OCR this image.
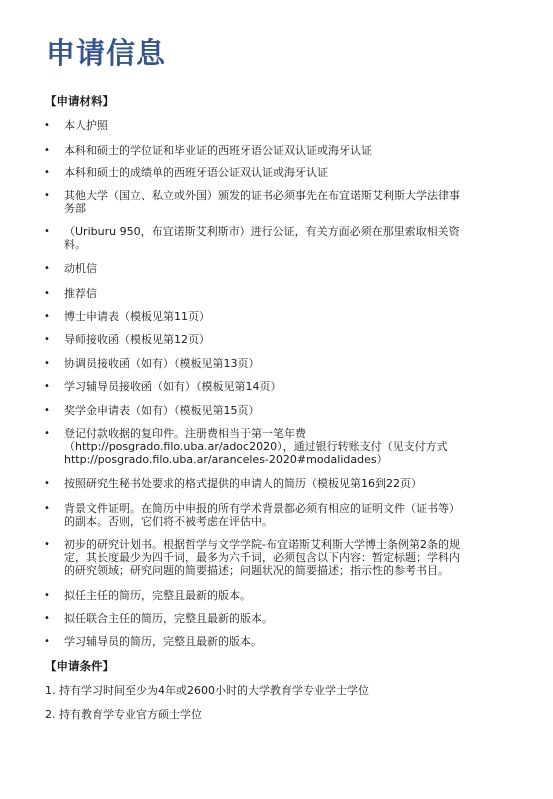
申请信息
【申请材料】
•	本人护照
•	本科和硕士的学位证和毕业证的西班牙语公证双认证或海牙认证
•	本科和硕士的成绩单的西班牙语公证双认证或海牙认证
•	其他大学（国立、私立或外国）颁发的证书必须事先在布宜诺斯艾利斯大学法律事
务部
•	（Uriburu 950，布宜诺斯艾利斯市）进行公证，有关方面必须在那里索取相关资
料。
•	动机信
•	推荐信
•	博士申请表（模板见第11页）
•	导师接收函（模板见第12页）
•	协调员接收函（如有）（模板见第13页）
•	学习辅导员接收函（如有）（模板见第14页）
•	奖学金申请表（如有）（模板见第15页）
•	登记付款收据的复印件。注册费相当于第一笔年费
（http://posgrado.filo.uba.ar/adoc2020），通过银行转账支付（见支付方式
http://posgrado.filo.uba.ar/aranceles-2020#modalidades）
•	按照研究生秘书处要求的格式提供的申请人的简历（模板见第16到22页）
•	背景文件证明。在简历中申报的所有学术背景都必须有相应的证明文件（证书等）
的副本。否则，它们将不被考虑在评估中。
•	初步的研究计划书。根据哲学与文学学院-布宜诺斯艾利斯大学博士条例第2条的规
定，其长度最少为四千词，最多为六千词，必须包含以下内容：暂定标题；学科内
的研究领域；研究问题的简要描述；问题状况的简要描述；指示性的参考书目。
•	拟任主任的简历，完整且最新的版本。
•	拟任联合主任的简历，完整且最新的版本。
•	学习辅导员的简历，完整且最新的版本。
【申请条件】
1. 持有学习时间至少为4年或2600小时的大学教育学专业学士学位
2. 持有教育学专业官方硕士学位
